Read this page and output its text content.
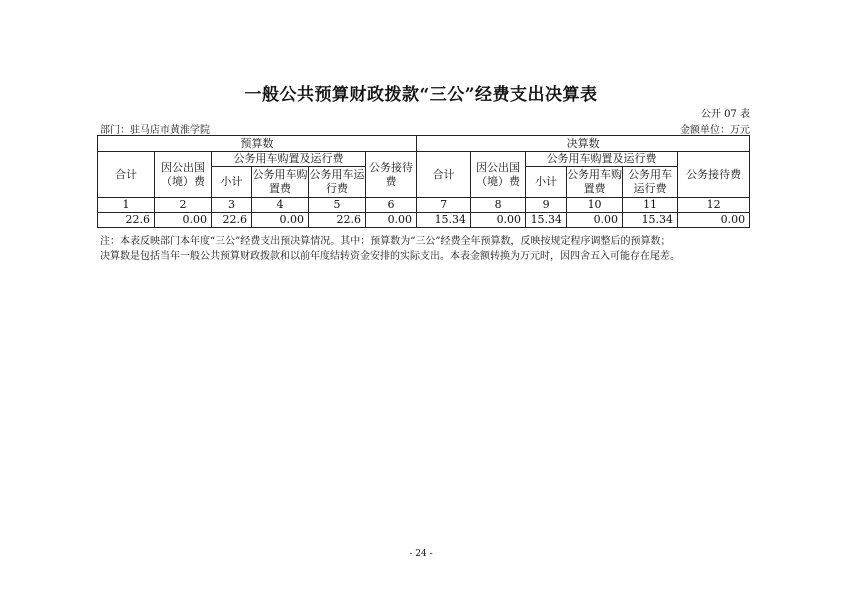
一般公共预算财政拨款“三公”经费支出决算表
公开 07 表
部门：驻马店市黄淮学院	金额单位：万元
预算数						决算数					
合计	因公出国（境）费	公务用车购置及运行费			公务接待费	合计	因公出国（境）费	公务用车购置及运行费			公务接待费
		小计	公务用车购置费	公务用车运行费				小计	公务用车购置费	公务用车运行费	
1	2	3	4	5	6	7	8	9	10	11	12
22.6	0.00	22.6	0.00	22.6	0.00	15.34	0.00	15.34	0.00	15.34	0.00
注：本表反映部门本年度“三公”经费支出预决算情况。其中：预算数为“三公”经费全年预算数，反映按规定程序调整后的预算数；
决算数是包括当年一般公共预算财政拨款和以前年度结转资金安排的实际支出。本表金额转换为万元时，因四舍五入可能存在尾差。
- 24 -
